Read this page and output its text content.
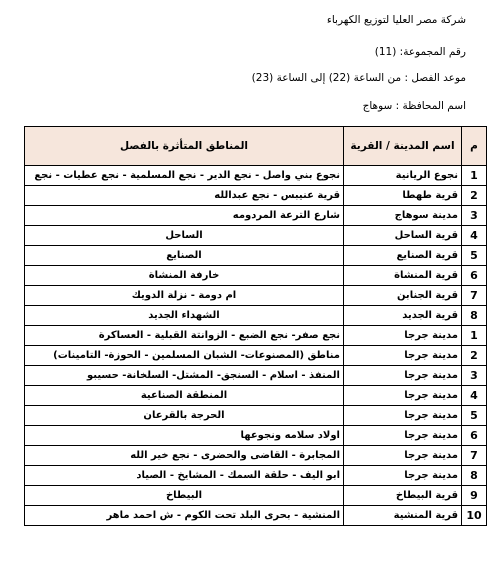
شركة مصر العليا لتوزيع الكهرباء
رقم المجموعة: (11)
موعد الفصل : من الساعة (22) إلى الساعة (23)
اسم المحافظة : سوهاج
م	اسم المدينة / القرية	المناطق المتأثرة بالفصل
1	نجوع الريانية	نجوع بني واصل - نجع الدير - نجع المسلمية - نجع عطيات - نجع
2	قرية طهطا	قرية عنيبس - نجع عبدالله
3	مدينة سوهاج	شارع الترعة المردومه
4	قرية الساحل	الساحل
5	قرية الصنايع	الصنايع
6	قرية المنشاة	خارفة المنشاة
7	قرية الجنابن	ام دومة - نزلة الدويك
8	قرية الجديد	الشهداء الجديد
1	مدينة جرجا	نجع صفر- نجع الضبع - الزوانتة القبلية - العساكرة
2	مدينة جرجا	مناطق (المصنوعات- الشبان المسلمين - الحوزة- التامينات)
3	مدينة جرجا	المنفذ - اسلام - السنجق- المشتل- السلخانة- حسيبو
4	مدينة جرجا	المنطقة الصناعية
5	مدينة جرجا	الحرجة بالقرعان
6	مدينة جرجا	اولاد سلامه ونجوعها
7	مدينة جرجا	المجابرة - القاضى والحضرى - نجع خير الله
8	مدينة جرجا	ابو اليف - حلقة السمك - المشايخ - الصياد
9	قرية البيطاخ	البيطاخ
10	قرية المنشية	المنشية - بحرى البلد تحت الكوم - ش احمد ماهر
